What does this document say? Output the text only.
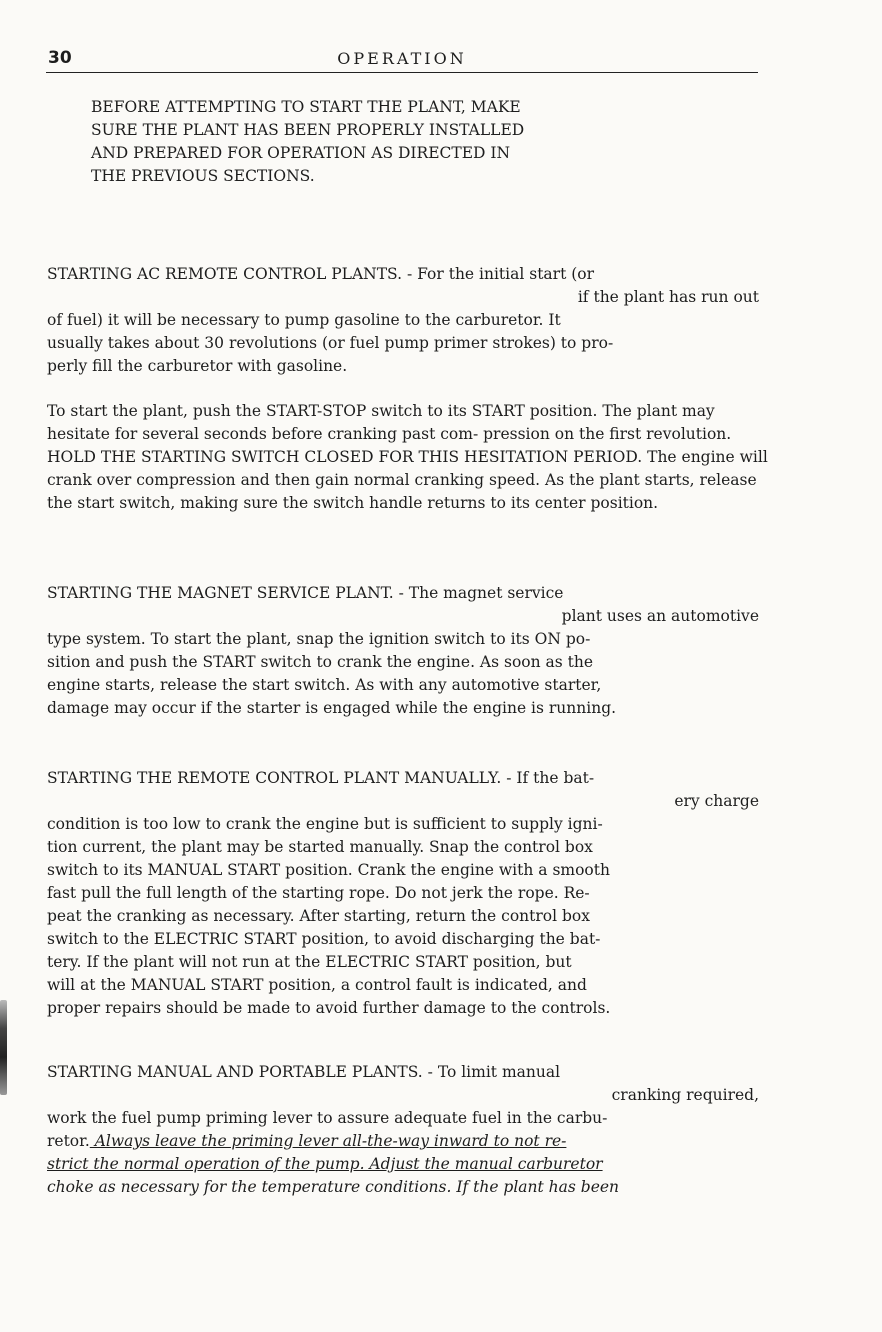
30	OPERATION
BEFORE ATTEMPTING TO START THE PLANT, MAKE
SURE THE PLANT HAS BEEN PROPERLY INSTALLED
AND PREPARED FOR OPERATION AS DIRECTED IN
THE PREVIOUS SECTIONS.
STARTING AC REMOTE CONTROL PLANTS. - For the initial start (or
if the plant has run out
of fuel) it will be necessary to pump gasoline to the carburetor. It
usually takes about 30 revolutions (or fuel pump primer strokes) to pro-
perly fill the carburetor with gasoline.
To start the plant, push the START-STOP switch to its START position. The plant may hesitate for several seconds before cranking past com- pression on the first revolution. HOLD THE STARTING SWITCH CLOSED FOR THIS HESITATION PERIOD. The engine will crank over compression and then gain normal cranking speed. As the plant starts, release the start switch, making sure the switch handle returns to its center position.
STARTING THE MAGNET SERVICE PLANT. - The magnet service
plant uses an automotive
type system. To start the plant, snap the ignition switch to its ON po-
sition and push the START switch to crank the engine. As soon as the
engine starts, release the start switch. As with any automotive starter,
damage may occur if the starter is engaged while the engine is running.
STARTING THE REMOTE CONTROL PLANT MANUALLY. - If the bat-
ery charge
condition is too low to crank the engine but is sufficient to supply igni-
tion current, the plant may be started manually. Snap the control box
switch to its MANUAL START position. Crank the engine with a smooth
fast pull the full length of the starting rope. Do not jerk the rope. Re-
peat the cranking as necessary. After starting, return the control box
switch to the ELECTRIC START position, to avoid discharging the bat-
tery. If the plant will not run at the ELECTRIC START position, but
will at the MANUAL START position, a control fault is indicated, and
proper repairs should be made to avoid further damage to the controls.
STARTING MANUAL AND PORTABLE PLANTS. - To limit manual
cranking required,
work the fuel pump priming lever to assure adequate fuel in the carbu-
retor. Always leave the priming lever all-the-way inward to not re-
strict the normal operation of the pump. Adjust the manual carburetor
choke as necessary for the temperature conditions. If the plant has been
